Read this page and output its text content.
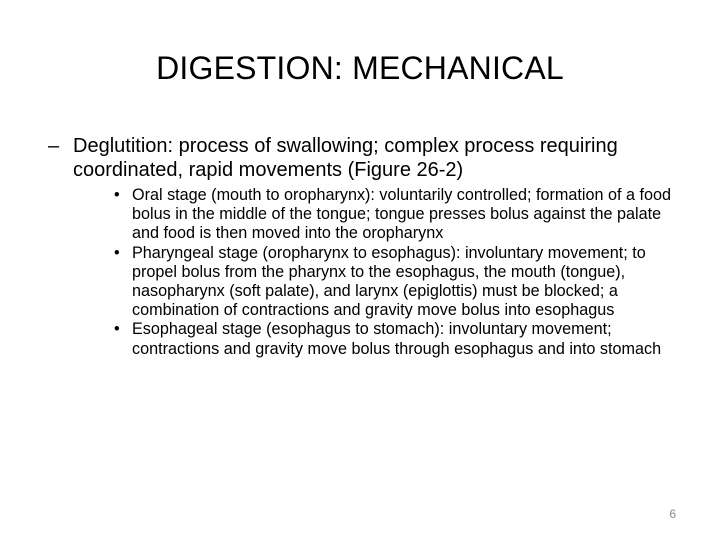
DIGESTION: MECHANICAL
– Deglutition: process of swallowing; complex process requiring coordinated, rapid movements (Figure 26-2)
• Oral stage (mouth to oropharynx): voluntarily controlled; formation of a food bolus in the middle of the tongue; tongue presses bolus against the palate and food is then moved into the oropharynx
• Pharyngeal stage (oropharynx to esophagus): involuntary movement; to propel bolus from the pharynx to the esophagus, the mouth (tongue), nasopharynx (soft palate), and larynx (epiglottis) must be blocked; a combination of contractions and gravity move bolus into esophagus
• Esophageal stage (esophagus to stomach): involuntary movement; contractions and gravity move bolus through esophagus and into stomach
6
